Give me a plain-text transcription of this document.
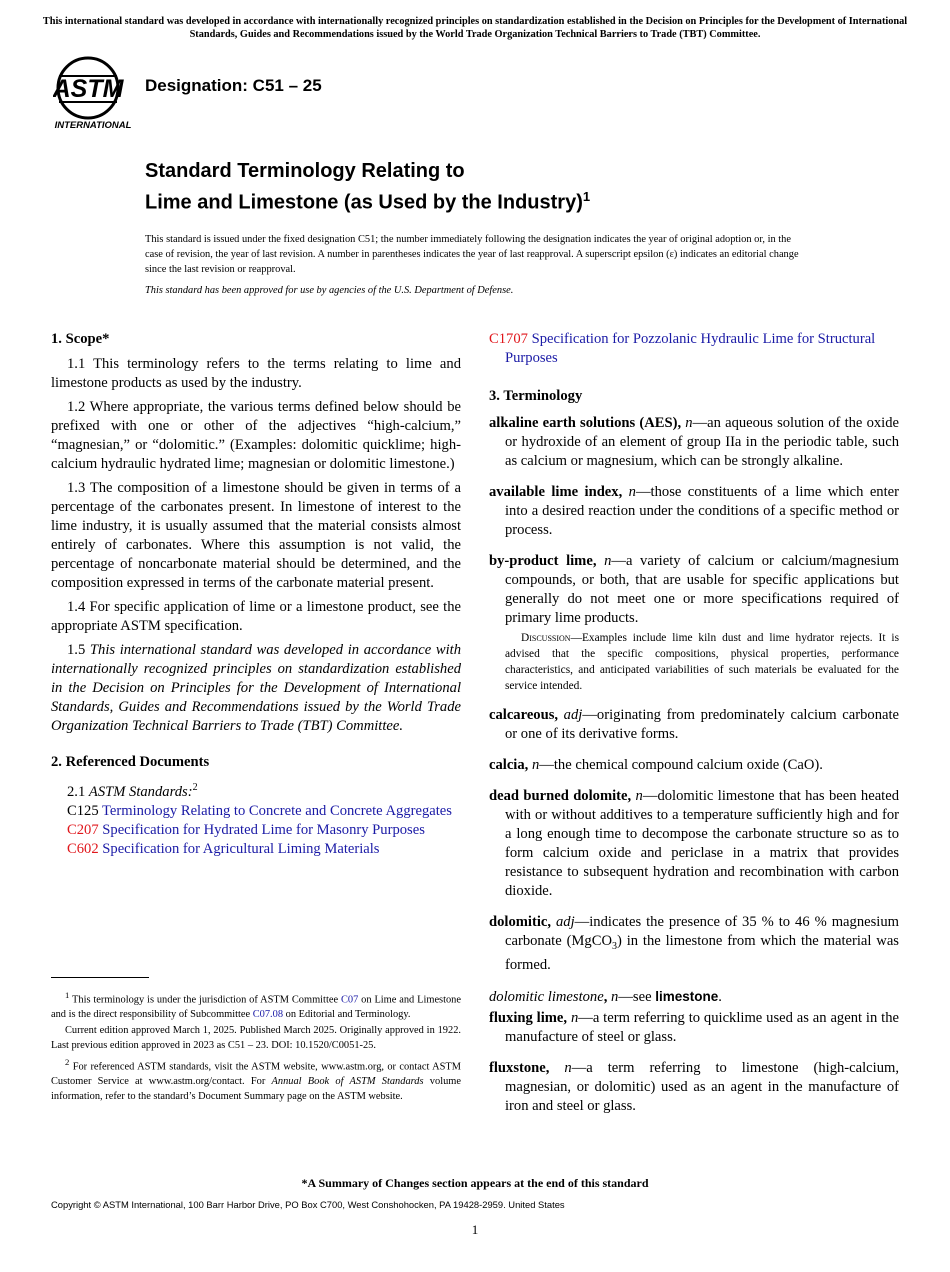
This international standard was developed in accordance with internationally recognized principles on standardization established in the Decision on Principles for the Development of International Standards, Guides and Recommendations issued by the World Trade Organization Technical Barriers to Trade (TBT) Committee.
ASTM
INTERNATIONAL
Designation: C51 – 25
Standard Terminology Relating to
Lime and Limestone (as Used by the Industry)$^1$
This standard is issued under the fixed designation C51; the number immediately following the designation indicates the year of original adoption or, in the case of revision, the year of last revision. A number in parentheses indicates the year of last reapproval. A superscript epsilon (ε) indicates an editorial change since the last revision or reapproval.
This standard has been approved for use by agencies of the U.S. Department of Defense.

1. Scope*

1.1 This terminology refers to the terms relating to lime and limestone products as used by the industry.

1.2 Where appropriate, the various terms defined below should be prefixed with one or other of the adjectives “high-calcium,” “magnesian,” or “dolomitic.” (Examples: dolomitic quicklime; high-calcium hydraulic hydrated lime; magnesian or dolomitic limestone.)

1.3 The composition of a limestone should be given in terms of a percentage of the carbonates present. In limestone of interest to the lime industry, it is usually assumed that the material consists almost entirely of carbonates. Where this assumption is not valid, the percentage of noncarbonate material should be determined, and the composition expressed in terms of the carbonate material present.

1.4 For specific application of lime or a limestone product, see the appropriate ASTM specification.

1.5 This international standard was developed in accordance with internationally recognized principles on standardization established in the Decision on Principles for the Development of International Standards, Guides and Recommendations issued by the World Trade Organization Technical Barriers to Trade (TBT) Committee.

2. Referenced Documents

2.1 ASTM Standards:$^2$

C125 Terminology Relating to Concrete and Concrete Aggregates

C207 Specification for Hydrated Lime for Masonry Purposes

C602 Specification for Agricultural Liming Materials

$^1$ This terminology is under the jurisdiction of ASTM Committee C07 on Lime and Limestone and is the direct responsibility of Subcommittee C07.08 on Editorial and Terminology.

Current edition approved March 1, 2025. Published March 2025. Originally approved in 1922. Last previous edition approved in 2023 as C51 – 23. DOI: 10.1520/C0051-25.

$^2$ For referenced ASTM standards, visit the ASTM website, www.astm.org, or contact ASTM Customer Service at www.astm.org/contact. For Annual Book of ASTM Standards volume information, refer to the standard’s Document Summary page on the ASTM website.

C1707 Specification for Pozzolanic Hydraulic Lime for Structural Purposes

3. Terminology

alkaline earth solutions (AES), n—an aqueous solution of the oxide or hydroxide of an element of group IIa in the periodic table, such as calcium or magnesium, which can be strongly alkaline.

available lime index, n—those constituents of a lime which enter into a desired reaction under the conditions of a specific method or process.

by-product lime, n—a variety of calcium or calcium/magnesium compounds, or both, that are usable for specific applications but generally do not meet one or more specifications required of primary lime products.

Discussion—Examples include lime kiln dust and lime hydrator rejects. It is advised that the specific compositions, physical properties, performance characteristics, and anticipated variabilities of such materials be evaluated for the service intended.

calcareous, adj—originating from predominately calcium carbonate or one of its derivative forms.

calcia, n—the chemical compound calcium oxide (CaO).

dead burned dolomite, n—dolomitic limestone that has been heated with or without additives to a temperature sufficiently high and for a long enough time to decompose the carbonate structure so as to form calcium oxide and periclase in a matrix that provides resistance to subsequent hydration and recombination with carbon dioxide.

dolomitic, adj—indicates the presence of 35 % to 46 % magnesium carbonate (MgCO$_3$) in the limestone from which the material was formed.

dolomitic limestone, n—see limestone.

fluxing lime, n—a term referring to quicklime used as an agent in the manufacture of steel or glass.

fluxstone, n—a term referring to limestone (high-calcium, magnesian, or dolomitic) used as an agent in the manufacture of iron and steel or glass.

*A Summary of Changes section appears at the end of this standard
Copyright © ASTM International, 100 Barr Harbor Drive, PO Box C700, West Conshohocken, PA 19428-2959. United States
1
